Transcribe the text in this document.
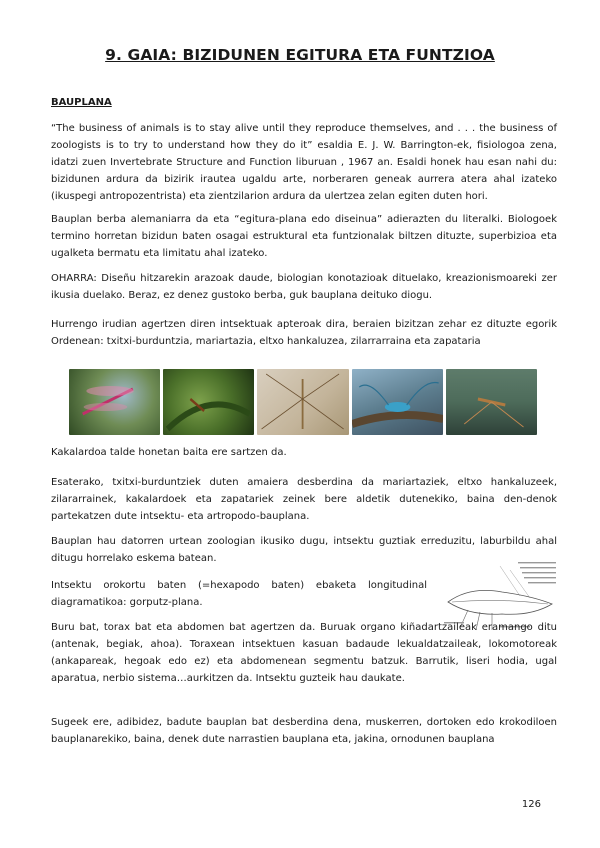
9. GAIA: BIZIDUNEN EGITURA ETA FUNTZIOA
BAUPLANA

“The business of animals is to stay alive until they reproduce themselves, and . . . the business of zoologists is to try to understand how they do it” esaldia E. J. W. Barrington-ek, fisiologoa zena, idatzi zuen Invertebrate Structure and Function liburuan , 1967 an. Esaldi honek hau esan nahi du: bizidunen ardura da bizirik irautea ugaldu arte, norberaren geneak aurrera atera ahal izateko (ikuspegi antropozentrista) eta zientzilarion ardura da ulertzea zelan egiten duten hori.

Bauplan berba alemaniarra da eta “egitura-plana edo diseinua” adierazten du literalki. Biologoek termino horretan bizidun baten osagai estruktural eta funtzionalak biltzen dituzte, superbizioa eta ugalketa bermatu eta limitatu ahal izateko.

OHARRA: Diseñu hitzarekin arazoak daude, biologian konotazioak dituelako, kreazionismoareki zer ikusia duelako. Beraz, ez denez gustoko berba, guk bauplana deituko diogu.

Hurrengo irudian agertzen diren intsektuak apteroak dira, beraien bizitzan zehar ez dituzte egorik Ordenean: txitxi-burduntzia, mariartazia, eltxo hankaluzea, zilarrarraina eta zapataria

Kakalardoa talde honetan baita ere sartzen da.

Esaterako, txitxi-burduntziek duten amaiera desberdina da mariartaziek, eltxo hankaluzeek, zilararrainek, kakalardoek eta zapatariek zeinek bere aldetik dutenekiko, baina den-denok partekatzen dute intsektu- eta artropodo-bauplana.

Bauplan hau datorren urtean zoologian ikusiko dugu, intsektu guztiak erreduzitu, laburbildu ahal ditugu horrelako eskema batean.

Intsektu orokortu baten (=hexapodo baten) ebaketa longitudinal diagramatikoa: gorputz-plana.

Buru bat, torax bat eta abdomen bat agertzen da. Buruak organo kiñadartzaileak eramango ditu (antenak, begiak, ahoa). Toraxean intsektuen kasuan badaude lekualdatzaileak, lokomotoreak (ankapareak, hegoak edo ez) eta abdomenean segmentu batzuk. Barrutik, liseri hodia, ugal aparatua, nerbio sistema…aurkitzen da. Intsektu guzteik hau daukate.

Sugeek ere, adibidez, badute bauplan bat desberdina dena, muskerren, dortoken edo krokodiloen bauplanarekiko, baina, denek dute narrastien bauplana eta, jakina, ornodunen bauplana

126
